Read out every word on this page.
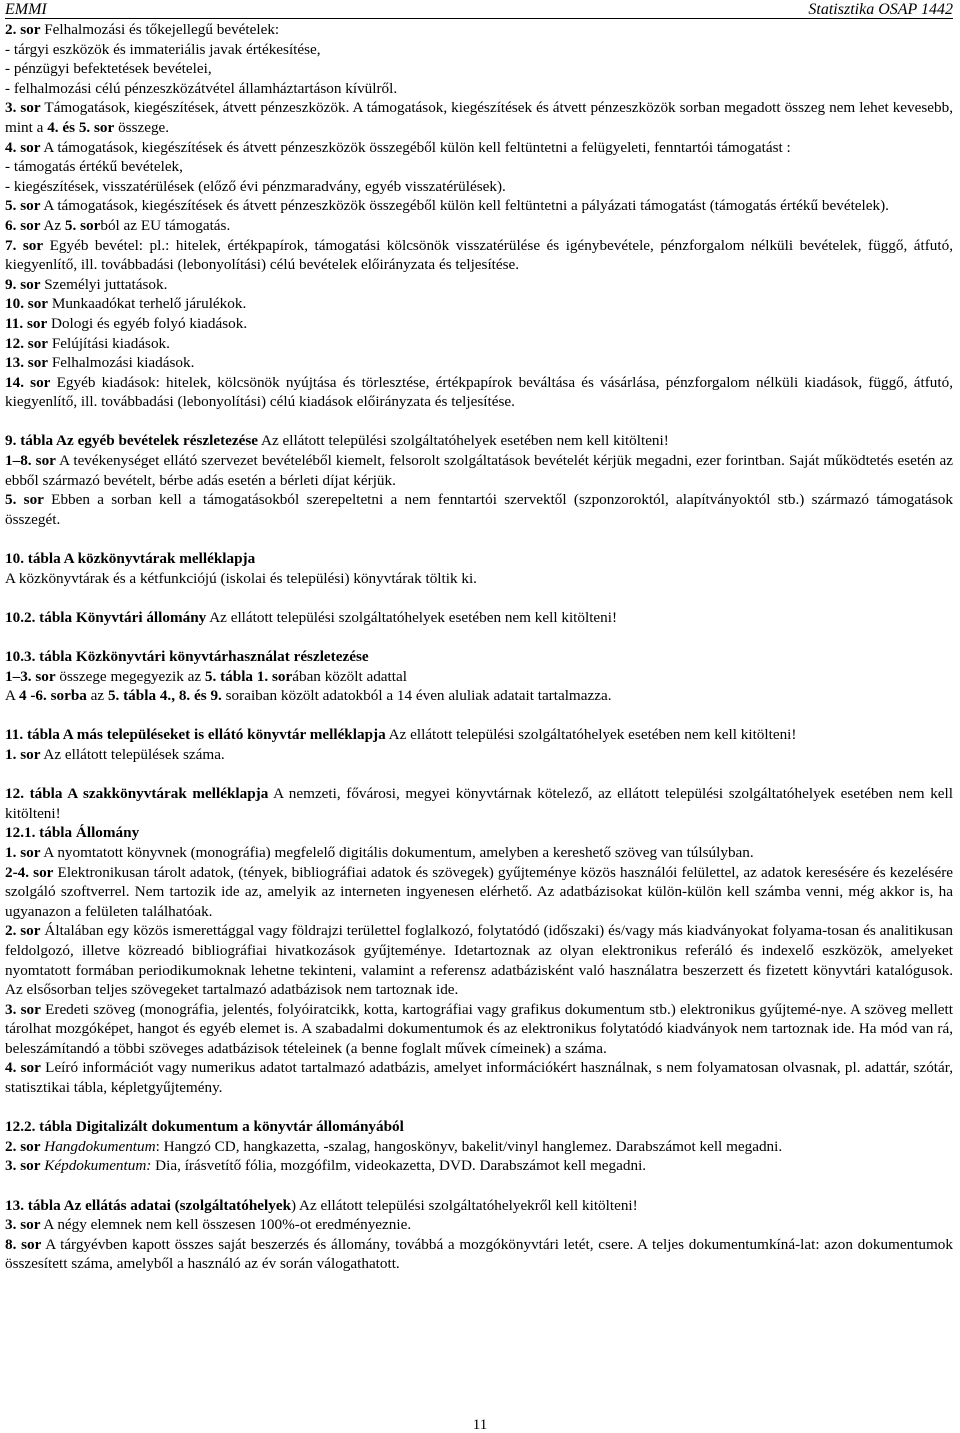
EMMI	Statisztika OSAP 1442

2. sor Felhalmozási és tőkejellegű bevételek:

- tárgyi eszközök és immateriális javak értékesítése,

- pénzügyi befektetések bevételei,

- felhalmozási célú pénzeszközátvétel államháztartáson kívülről.

3. sor Támogatások, kiegészítések, átvett pénzeszközök. A támogatások, kiegészítések és átvett pénzeszközök sorban megadott összeg nem lehet kevesebb, mint a 4. és 5. sor összege.

4. sor A támogatások, kiegészítések és átvett pénzeszközök összegéből külön kell feltüntetni a felügyeleti, fenntartói támogatást :

- támogatás értékű bevételek,

- kiegészítések, visszatérülések (előző évi pénzmaradvány, egyéb visszatérülések).

5. sor A támogatások, kiegészítések és átvett pénzeszközök összegéből külön kell feltüntetni a pályázati támogatást (támogatás értékű bevételek).

6. sor Az 5. sorból az EU támogatás.

7. sor Egyéb bevétel: pl.: hitelek, értékpapírok, támogatási kölcsönök visszatérülése és igénybevétele, pénzforgalom nélküli bevételek, függő, átfutó, kiegyenlítő, ill. továbbadási (lebonyolítási) célú bevételek előirányzata és teljesítése.

9. sor Személyi juttatások.

10. sor Munkaadókat terhelő járulékok.

11. sor Dologi és egyéb folyó kiadások.

12. sor Felújítási kiadások.

13. sor Felhalmozási kiadások.

14. sor Egyéb kiadások: hitelek, kölcsönök nyújtása és törlesztése, értékpapírok beváltása és vásárlása, pénzforgalom nélküli kiadások, függő, átfutó, kiegyenlítő, ill. továbbadási (lebonyolítási) célú kiadások előirányzata és teljesítése.

9. tábla Az egyéb bevételek részletezése Az ellátott települési szolgáltatóhelyek esetében nem kell kitölteni!

1–8. sor A tevékenységet ellátó szervezet bevételéből kiemelt, felsorolt szolgáltatások bevételét kérjük megadni, ezer forintban. Saját működtetés esetén az ebből származó bevételt, bérbe adás esetén a bérleti díjat kérjük.

5. sor Ebben a sorban kell a támogatásokból szerepeltetni a nem fenntartói szervektől (szponzoroktól, alapítványoktól stb.) származó támogatások összegét.

10. tábla A közkönyvtárak melléklapja

A közkönyvtárak és a kétfunkciójú (iskolai és települési) könyvtárak töltik ki.

10.2. tábla Könyvtári állomány Az ellátott települési szolgáltatóhelyek esetében nem kell kitölteni!

10.3. tábla Közkönyvtári könyvtárhasználat részletezése

1–3. sor összege megegyezik az 5. tábla 1. sorában közölt adattal

A 4 -6. sorba az 5. tábla 4., 8. és 9. soraiban közölt adatokból a 14 éven aluliak adatait tartalmazza.

11. tábla A más településeket is ellátó könyvtár melléklapja Az ellátott települési szolgáltatóhelyek esetében nem kell kitölteni!

1. sor Az ellátott települések száma.

12. tábla A szakkönyvtárak melléklapja A nemzeti, fővárosi, megyei könyvtárnak kötelező, az ellátott települési szolgáltatóhelyek esetében nem kell kitölteni!

12.1. tábla Állomány

1. sor A nyomtatott könyvnek (monográfia) megfelelő digitális dokumentum, amelyben a kereshető szöveg van túlsúlyban.

2-4. sor Elektronikusan tárolt adatok, (tények, bibliográfiai adatok és szövegek) gyűjteménye közös használói felülettel, az adatok keresésére és kezelésére szolgáló szoftverrel. Nem tartozik ide az, amelyik az interneten ingyenesen elérhető. Az adatbázisokat külön-külön kell számba venni, még akkor is, ha ugyanazon a felületen találhatóak.

2. sor Általában egy közös ismerettággal vagy földrajzi területtel foglalkozó, folytatódó (időszaki) és/vagy más kiadványokat folyama-tosan és analitikusan feldolgozó, illetve közreadó bibliográfiai hivatkozások gyűjteménye. Idetartoznak az olyan elektronikus referáló és indexelő eszközök, amelyeket nyomtatott formában periodikumoknak lehetne tekinteni, valamint a referensz adatbázisként való használatra beszerzett és fizetett könyvtári katalógusok. Az elsősorban teljes szövegeket tartalmazó adatbázisok nem tartoznak ide.

3. sor Eredeti szöveg (monográfia, jelentés, folyóiratcikk, kotta, kartográfiai vagy grafikus dokumentum stb.) elektronikus gyűjtemé-nye. A szöveg mellett tárolhat mozgóképet, hangot és egyéb elemet is. A szabadalmi dokumentumok és az elektronikus folytatódó kiadványok nem tartoznak ide. Ha mód van rá, beleszámítandó a többi szöveges adatbázisok tételeinek (a benne foglalt művek címeinek) a száma.

4. sor Leíró információt vagy numerikus adatot tartalmazó adatbázis, amelyet információkért használnak, s nem folyamatosan olvasnak, pl. adattár, szótár, statisztikai tábla, képletgyűjtemény.

12.2. tábla Digitalizált dokumentum a könyvtár állományából

2. sor Hangdokumentum: Hangzó CD, hangkazetta, -szalag, hangoskönyv, bakelit/vinyl hanglemez. Darabszámot kell megadni.

3. sor Képdokumentum: Dia, írásvetítő fólia, mozgófilm, videokazetta, DVD. Darabszámot kell megadni.

13. tábla Az ellátás adatai (szolgáltatóhelyek) Az ellátott települési szolgáltatóhelyekről kell kitölteni!

3. sor A négy elemnek nem kell összesen 100%-ot eredményeznie.

8. sor A tárgyévben kapott összes saját beszerzés és állomány, továbbá a mozgókönyvtári letét, csere. A teljes dokumentumkíná-lat: azon dokumentumok összesített száma, amelyből a használó az év során válogathatott.

11
